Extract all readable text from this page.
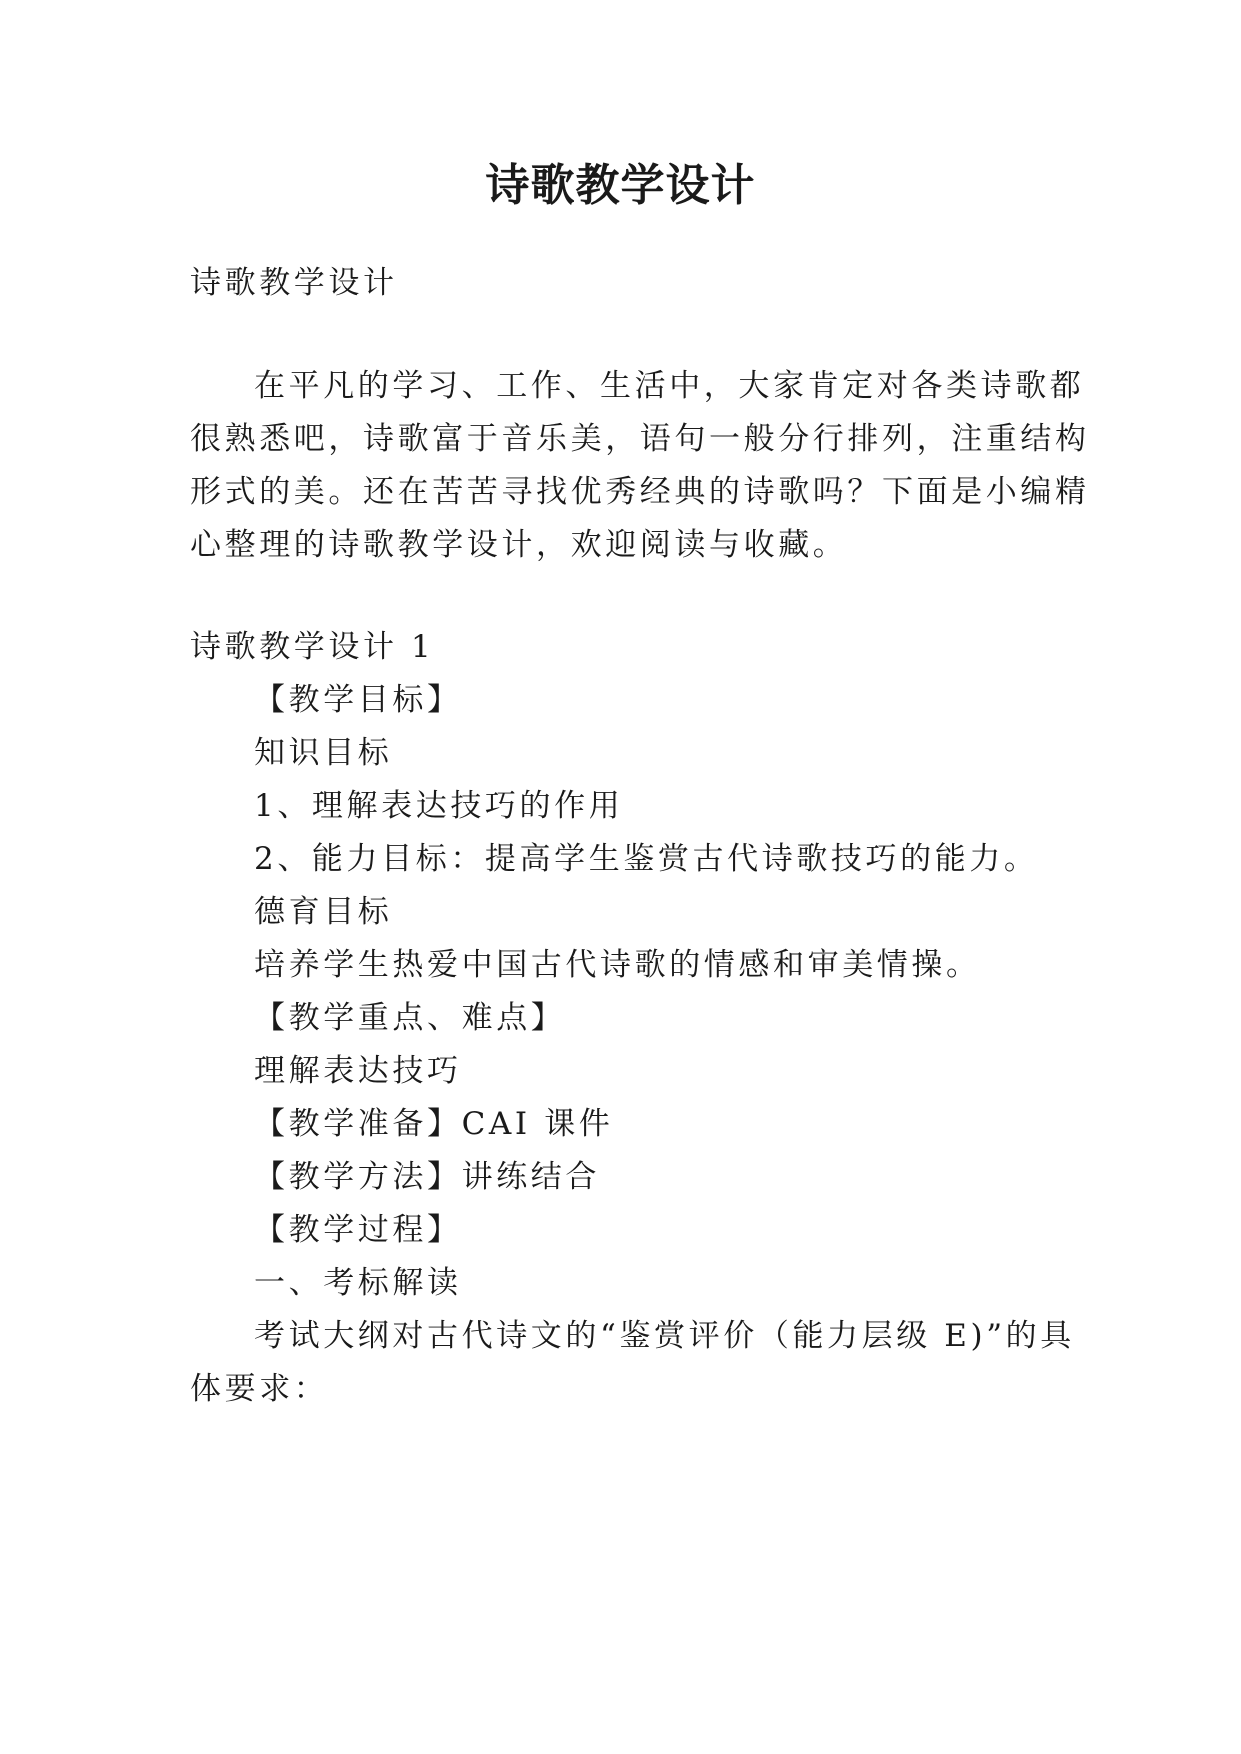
诗歌教学设计

诗歌教学设计

在平凡的学习、工作、生活中，大家肯定对各类诗歌都

很熟悉吧，诗歌富于音乐美，语句一般分行排列，注重结构

形式的美。还在苦苦寻找优秀经典的诗歌吗？下面是小编精

心整理的诗歌教学设计，欢迎阅读与收藏。

诗歌教学设计 1

【教学目标】

知识目标

1、理解表达技巧的作用

2、能力目标：提高学生鉴赏古代诗歌技巧的能力。

德育目标

培养学生热爱中国古代诗歌的情感和审美情操。

【教学重点、难点】

理解表达技巧

【教学准备】CAI 课件

【教学方法】讲练结合

【教学过程】

一、考标解读

考试大纲对古代诗文的“鉴赏评价（能力层级 E)”的具

体要求：
